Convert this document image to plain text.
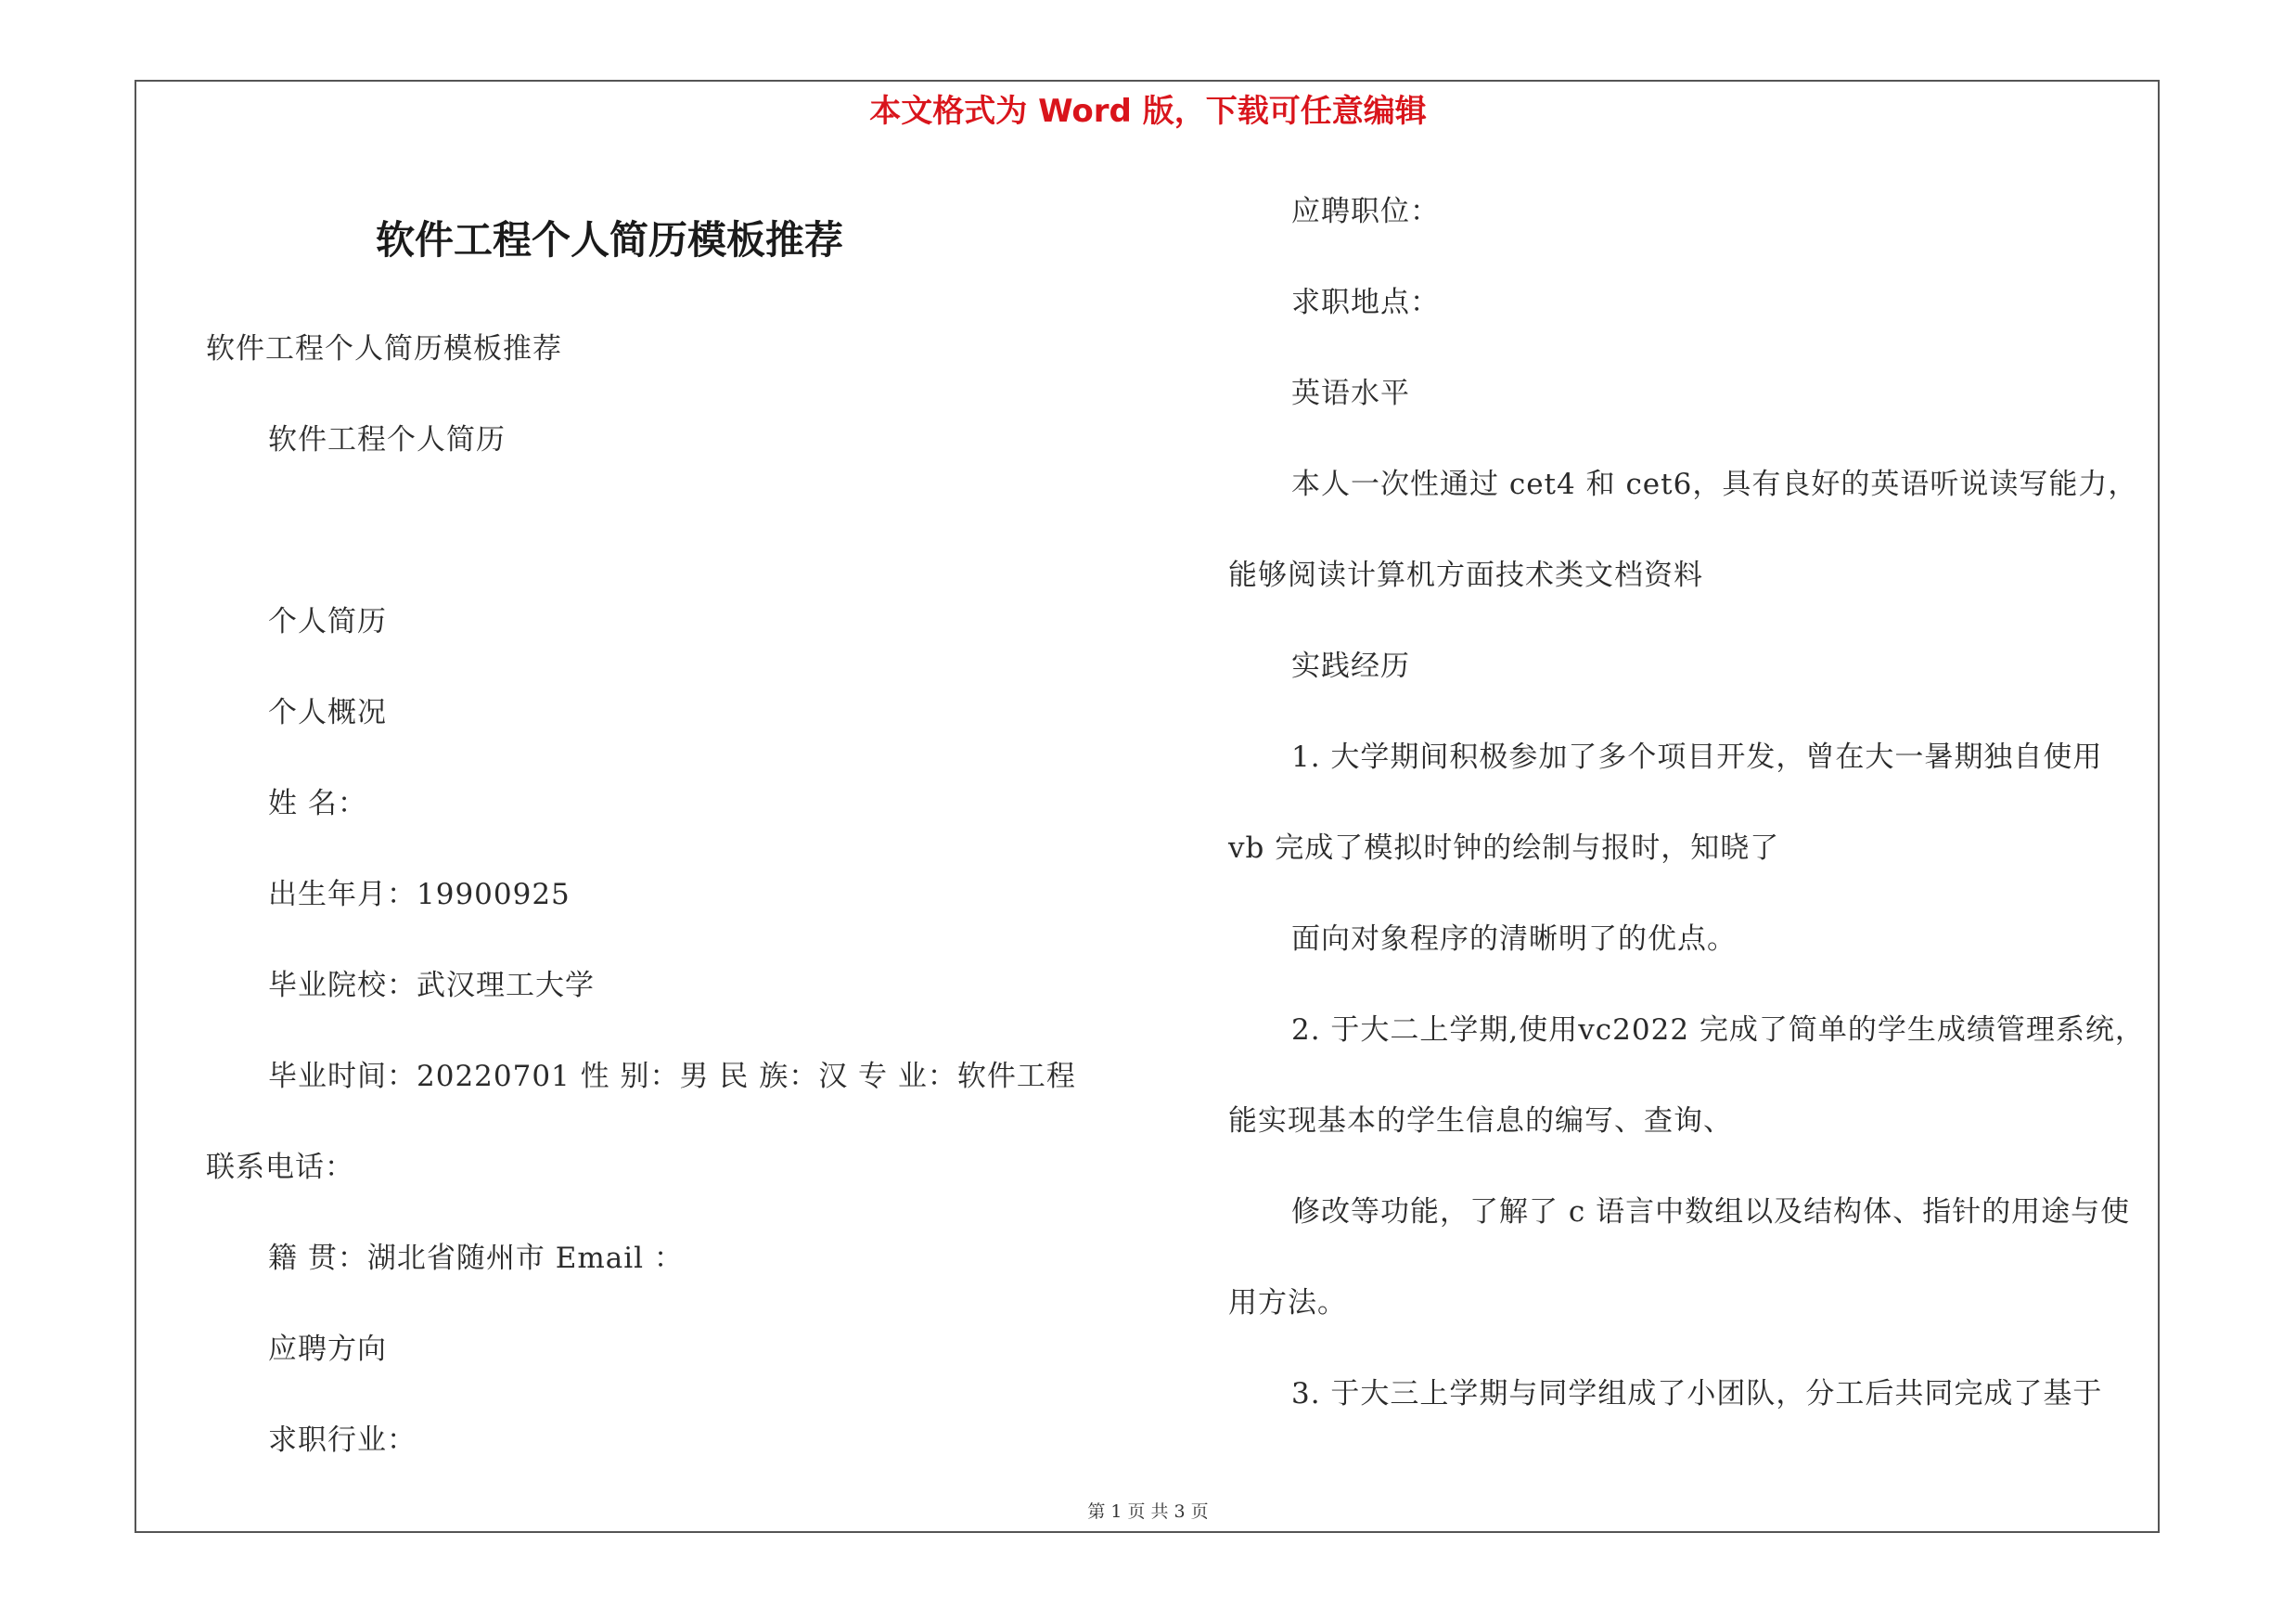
本文格式为 Word 版，下载可任意编辑
软件工程个人简历模板推荐
软件工程个人简历模板推荐
软件工程个人简历
个人简历
个人概况
姓 名：
出生年月：19900925
毕业院校：武汉理工大学
毕业时间：20220701 性 别：男 民 族：汉 专 业：软件工程
联系电话：
籍 贯：湖北省随州市 Email ：
应聘方向
求职行业：
应聘职位：
求职地点：
英语水平
本人一次性通过 cet4 和 cet6，具有良好的英语听说读写能力，
能够阅读计算机方面技术类文档资料
实践经历
1. 大学期间积极参加了多个项目开发，曾在大一暑期独自使用
vb 完成了模拟时钟的绘制与报时，知晓了
面向对象程序的清晰明了的优点。
2. 于大二上学期,使用vc2022 完成了简单的学生成绩管理系统，
能实现基本的学生信息的编写、查询、
修改等功能，了解了 c 语言中数组以及结构体、指针的用途与使
用方法。
3. 于大三上学期与同学组成了小团队，分工后共同完成了基于
第 1 页 共 3 页
